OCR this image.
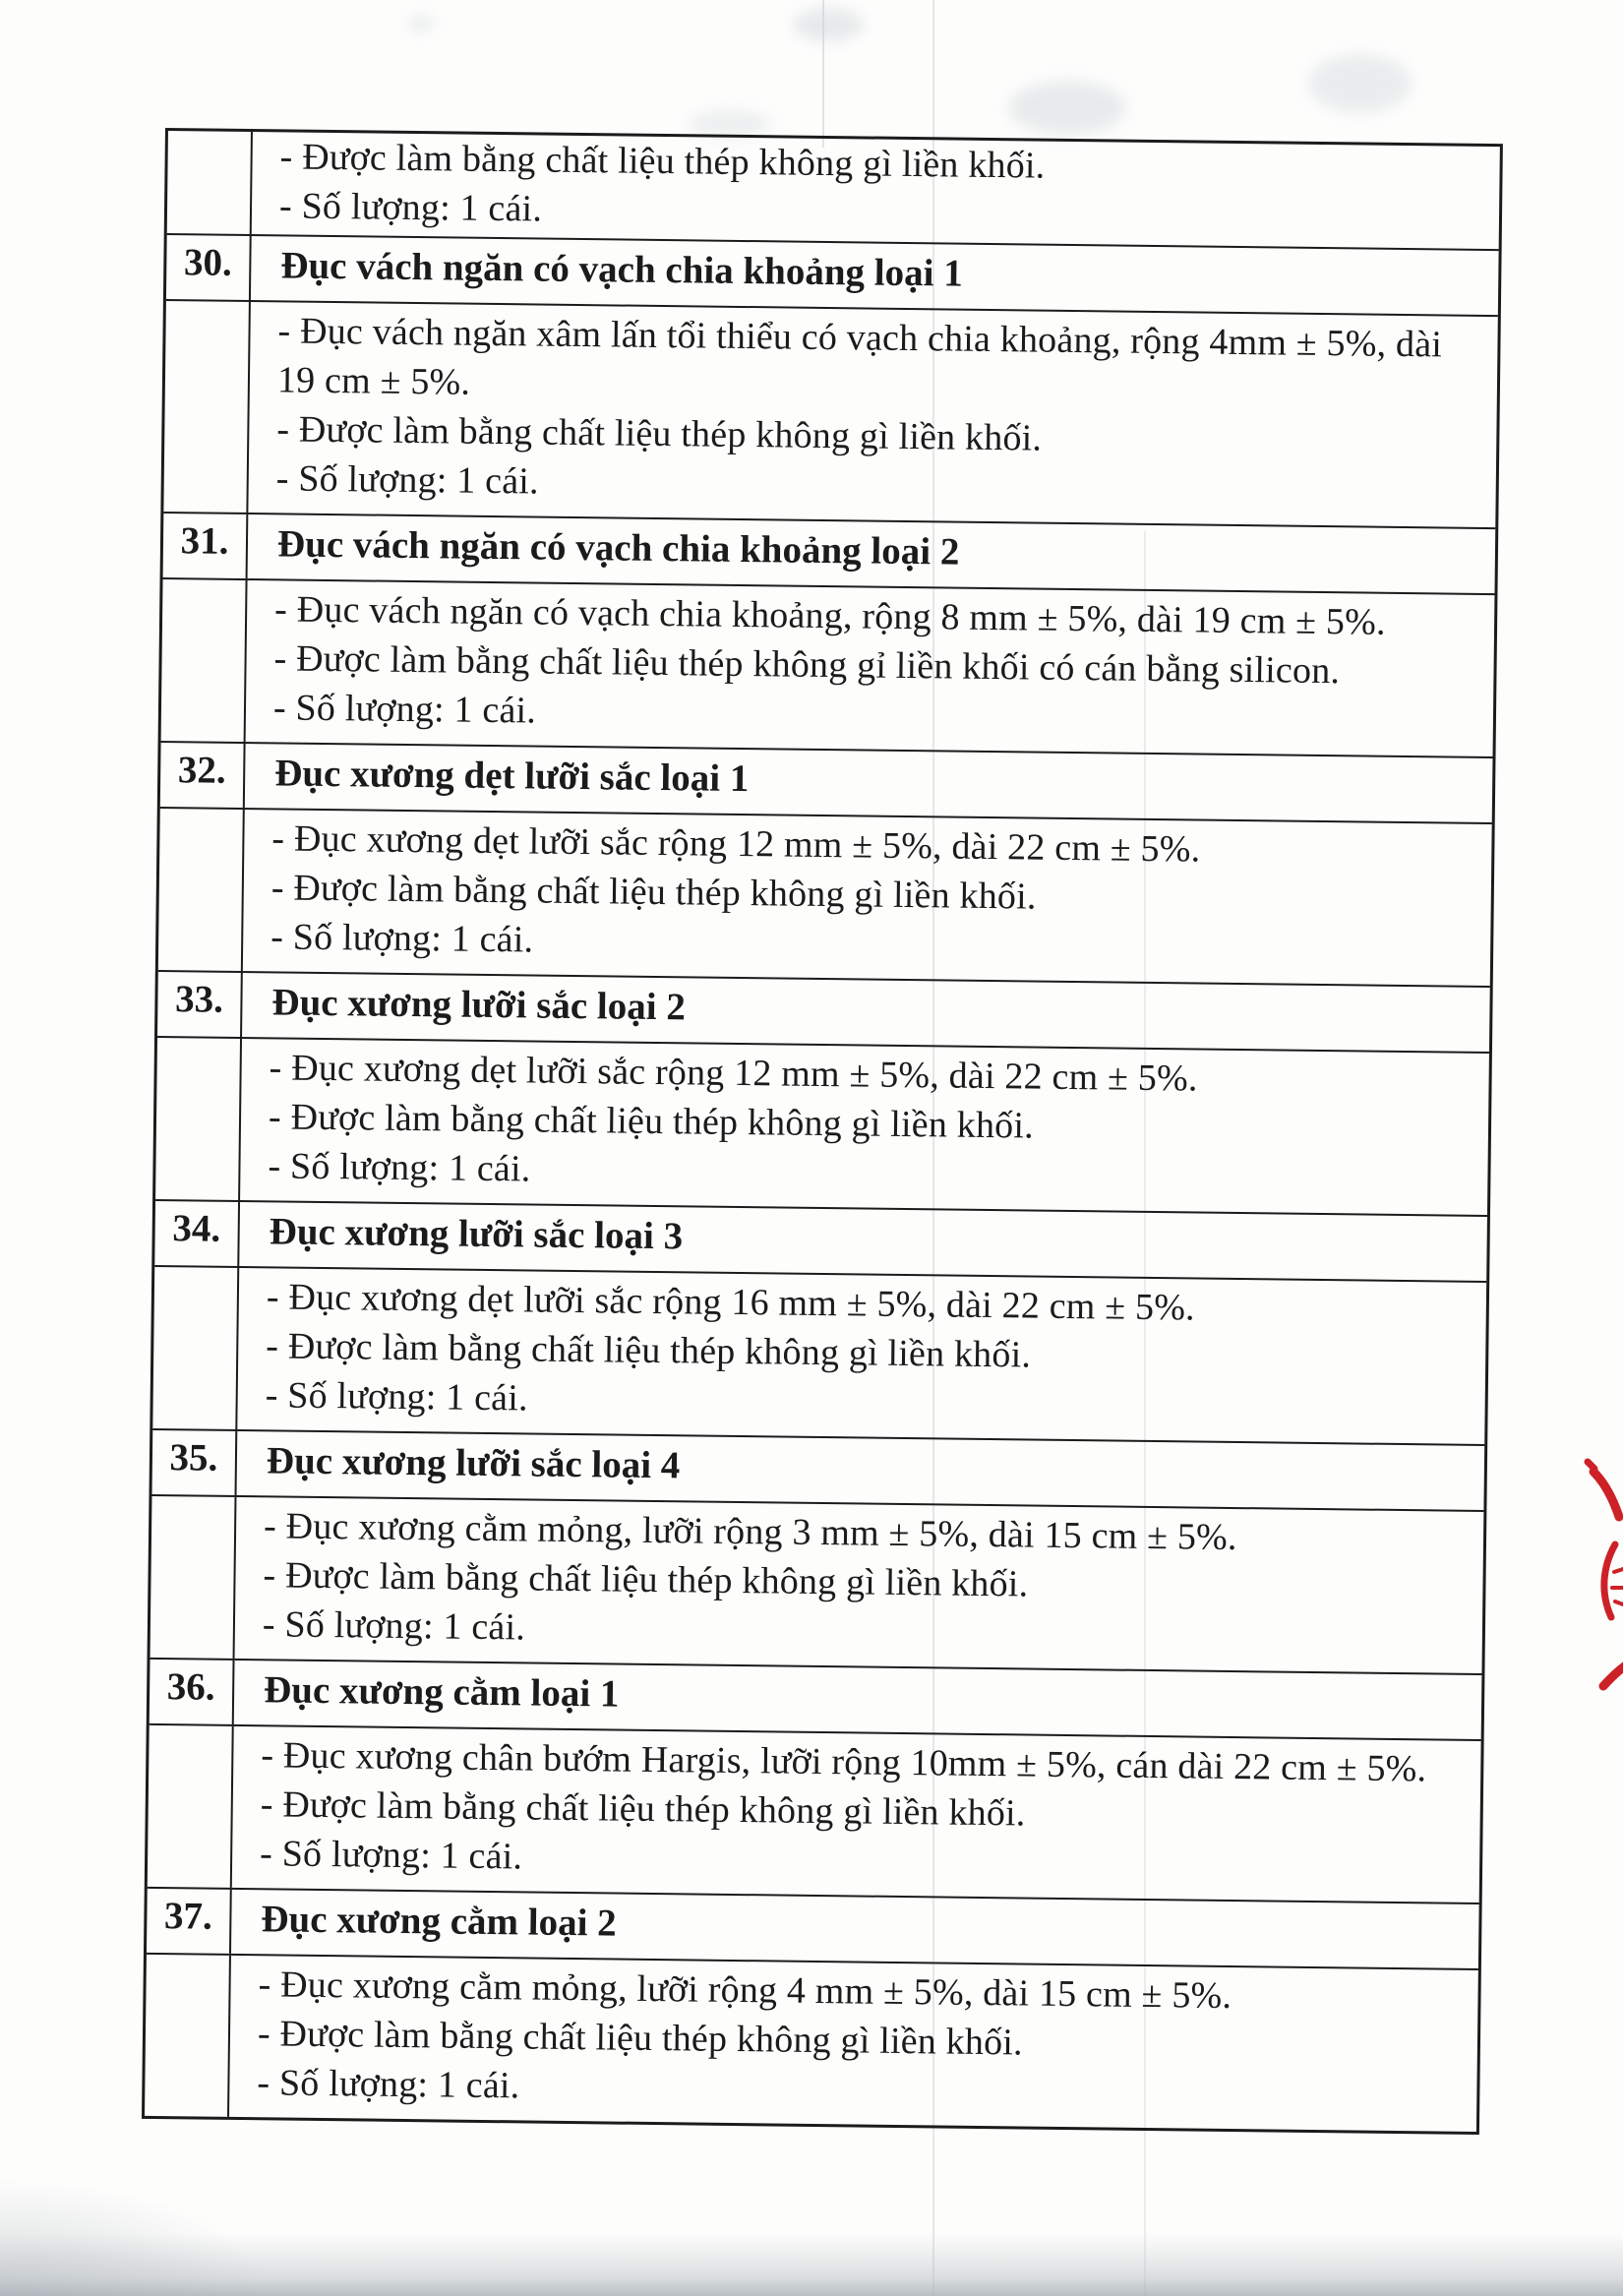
- Được làm bằng chất liệu thép không gì liền khối.
- Số lượng: 1 cái.
30.	Đục vách ngăn có vạch chia khoảng loại 1
- Đục vách ngăn xâm lấn tổi thiểu có vạch chia khoảng, rộng 4mm ± 5%, dài 19 cm ± 5%.
- Được làm bằng chất liệu thép không gì liền khối.
- Số lượng: 1 cái.
31.	Đục vách ngăn có vạch chia khoảng loại 2
- Đục vách ngăn có vạch chia khoảng, rộng 8 mm ± 5%, dài 19 cm ± 5%.
- Được làm bằng chất liệu thép không gỉ liền khối có cán bằng silicon.
- Số lượng: 1 cái.
32.	Đục xương dẹt lưỡi sắc loại 1
- Đục xương dẹt lưỡi sắc rộng 12 mm ± 5%, dài 22 cm ± 5%.
- Được làm bằng chất liệu thép không gì liền khối.
- Số lượng: 1 cái.
33.	Đục xương lưỡi sắc loại 2
- Đục xương dẹt lưỡi sắc rộng 12 mm ± 5%, dài 22 cm ± 5%.
- Được làm bằng chất liệu thép không gì liền khối.
- Số lượng: 1 cái.
34.	Đục xương lưỡi sắc loại 3
- Đục xương dẹt lưỡi sắc rộng 16 mm ± 5%, dài 22 cm ± 5%.
- Được làm bằng chất liệu thép không gì liền khối.
- Số lượng: 1 cái.
35.	Đục xương lưỡi sắc loại 4
- Đục xương cằm mỏng, lưỡi rộng 3 mm ± 5%, dài 15 cm ± 5%.
- Được làm bằng chất liệu thép không gì liền khối.
- Số lượng: 1 cái.
36.	Đục xương cằm loại 1
- Đục xương chân bướm Hargis, lưỡi rộng 10mm ± 5%, cán dài 22 cm ± 5%.
- Được làm bằng chất liệu thép không gì liền khối.
- Số lượng: 1 cái.
37.	Đục xương cằm loại 2
- Đục xương cằm mỏng, lưỡi rộng 4 mm ± 5%, dài 15 cm ± 5%.
- Được làm bằng chất liệu thép không gì liền khối.
- Số lượng: 1 cái.
